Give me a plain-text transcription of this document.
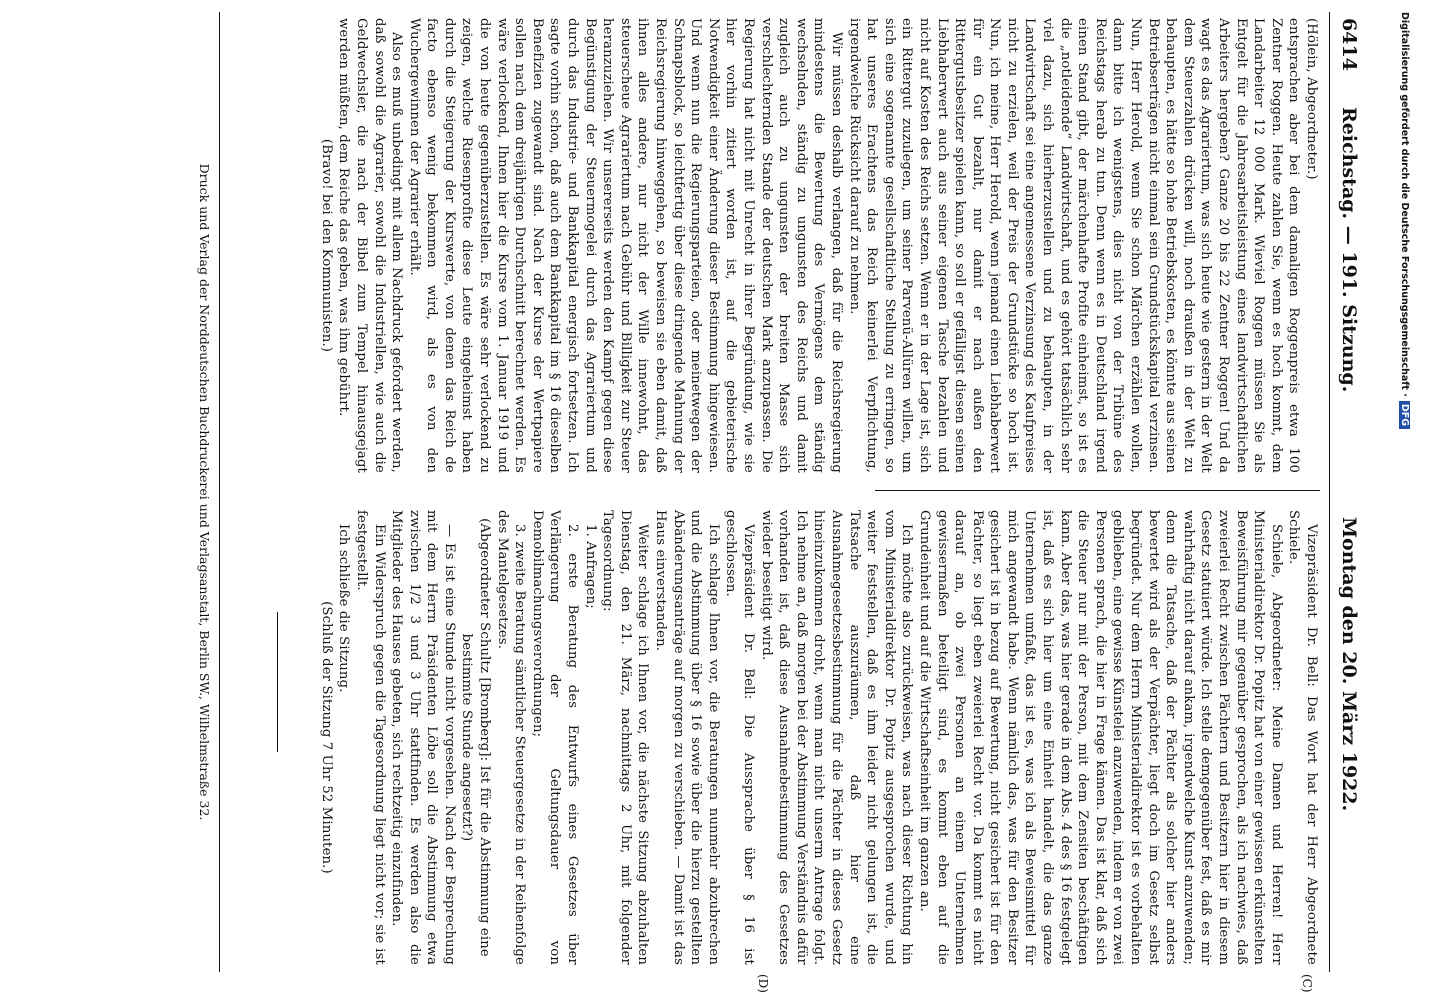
6414
Reichstag. — 191. Sitzung.
Montag den 20. März 1922.
(C)
(D)

(Hölein, Abgeordneter.)

entsprachen aber bei dem damaligen Roggenpreis etwa 100 Zentner Roggen. Heute zahlen Sie, wenn es hoch kommt, dem Landarbeiter 12 000 Mark. Wieviel Roggen müssen Sie als Entgelt für die Jahresarbeitsleistung eines landwirtschaftlichen Arbeiters hergeben? Ganze 20 bis 22 Zentner Roggen! Und da wagt es das Agrariertum, was sich heute wie gestern in der Welt dem Steuerzahlen drücken will, noch draußen in der Welt zu behaupten, es hätte so hohe Betriebskosten, es könnte aus seinen Betriebserträgen nicht einmal sein Grundstückskapital verzinsen. Nun, Herr Herold, wenn Sie schon Märchen erzählen wollen, dann bitte ich wenigstens, dies nicht von der Tribüne des Reichstags herab zu tun. Denn wenn es in Deutschland irgend einen Stand gibt, der märchenhafte Profite einheimst, so ist es die „notleidende“ Landwirtschaft, und es gehört tatsächlich sehr viel dazu, sich hierherzustellen und zu behaupten, in der Landwirtschaft sei eine angemessene Verzinsung des Kaufpreises nicht zu erzielen, weil der Preis der Grundstücke so hoch ist. Nun, ich meine, Herr Herold, wenn jemand einen Liebhaberwert für ein Gut bezahlt, nur damit er nach außen den Rittergutsbesitzer spielen kann, so soll er gefälligst diesen seinen Liebhaberwert auch aus seiner eigenen Tasche bezahlen und nicht auf Kosten des Reichs setzen. Wenn er in der Lage ist, sich ein Rittergut zuzulegen, um seiner Parvenü-Allüren willen, um sich eine sogenannte gesellschaftliche Stellung zu erringen, so hat unseres Erachtens das Reich keinerlei Verpflichtung, irgendwelche Rücksicht darauf zu nehmen.

Wir müssen deshalb verlangen, daß für die Reichsregierung mindestens die Bewertung des Vermögens dem ständig wechselnden, ständig zu ungunsten des Reichs und damit zugleich auch zu ungunsten der breiten Masse sich verschlechternden Stande der deutschen Mark anzupassen. Die Regierung hat nicht mit Unrecht in ihrer Begründung, wie sie hier vorhin zitiert worden ist, auf die gebieterische Notwendigkeit einer Änderung dieser Bestimmung hingewiesen. Und wenn nun die Regierungsparteien, oder meinetwegen der Schnapsblock, so leichtfertig über diese dringende Mahnung der Reichsregierung hinweggehen, so beweisen sie eben damit, daß ihnen alles andere, nur nicht der Wille innewohnt, das steuerscheue Agrariertum nach Gebühr und Billigkeit zur Steuer heranzuziehen. Wir unsererseits werden den Kampf gegen diese Begünstigung der Steuermogelei durch das Agrariertum und durch das Industrie- und Bankkapital energisch fortsetzen. Ich sagte vorhin schon, daß auch dem Bankkapital im § 16 dieselben Benefizien zugewandt sind. Nach der Kurse der Wertpapiere sollen nach dem dreijährigen Durchschnitt berechnet werden. Es wäre verlockend, Ihnen hier die Kurse vom 1. Januar 1919 und die von heute gegenüberzustellen. Es wäre sehr verlockend zu zeigen, welche Riesenprofite diese Leute eingeheimst haben durch die Steigerung der Kurswerte, von denen das Reich de facto ebenso wenig bekommen wird, als es von den Wuchergewinnen der Agrarier erhält.

Also es muß unbedingt mit allem Nachdruck gefordert werden, daß sowohl die Agrarier, sowohl die Industriellen, wie auch die Geldwechsler, die nach der Bibel zum Tempel hinausgejagt werden müßten, dem Reiche das geben, was ihm gebührt.

(Bravo! bei den Kommunisten.)

Vizepräsident Dr. Bell: Das Wort hat der Herr Abgeordnete Schiele.

Schiele, Abgeordneter: Meine Damen und Herren! Herr Ministerialdirektor Dr. Popitz hat von einer gewissen erkünstelten Beweisführung mir gegenüber gesprochen, als ich nachwies, daß zweierlei Recht zwischen Pächtern und Besitzern hier in diesem Gesetz statuiert würde. Ich stelle demgegenüber fest, daß es mir wahrhaftig nicht darauf ankam, irgendwelche Kunst anzuwenden; denn die Tatsache, daß der Pächter als solcher hier anders bewertet wird als der Verpächter, liegt doch im Gesetz selbst begründet. Nur dem Herrn Ministerialdirektor ist es vorbehalten geblieben, eine gewisse Künstelei anzuwenden, indem er von zwei Personen sprach, die hier in Frage kämen. Das ist klar, daß sich die Steuer nur mit der Person, mit dem Zensiten beschäftigen kann. Aber das, was hier gerade in dem Abs. 4 des § 16 festgelegt ist, daß es sich hier um eine Einheit handelt, die das ganze Unternehmen umfaßt, das ist es, was ich als Beweismittel für mich angewandt habe. Wenn nämlich das, was für den Besitzer gesichert ist in bezug auf Bewertung, nicht gesichert ist für den Pächter, so liegt eben zweierlei Recht vor. Da kommt es nicht darauf an, ob zwei Personen an einem Unternehmen gewissermaßen beteiligt sind, es kommt eben auf die Grundeinheit und auf die Wirtschaftseinheit im ganzen an.

Ich möchte also zurückweisen, was nach dieser Richtung hin vom Ministerialdirektor Dr. Popitz ausgesprochen wurde, und weiter feststellen, daß es ihm leider nicht gelungen ist, die Tatsache auszuräumen, daß hier eine Ausnahmegesetzesbestimmung für die Pächter in dieses Gesetz hineinzukommen droht, wenn man nicht unserm Antrage folgt. Ich nehme an, daß morgen bei der Abstimmung Verständnis dafür vorhanden ist, daß diese Ausnahmebestimmung des Gesetzes wieder beseitigt wird.

Vizepräsident Dr. Bell: Die Aussprache über § 16 ist geschlossen.

Ich schlage Ihnen vor, die Beratungen nunmehr abzubrechen und die Abstimmung über § 16 sowie über die hierzu gestellten Abänderungsanträge auf morgen zu verschieben. — Damit ist das Haus einverstanden.

Weiter schlage ich Ihnen vor, die nächste Sitzung abzuhalten Dienstag, den 21. März, nachmittags 2 Uhr, mit folgender Tagesordnung:

1. Anfragen;

2. erste Beratung des Entwurfs eines Gesetzes über Verlängerung der Geltungsdauer von Demobilmachungsverordnungen;

3. zweite Beratung sämtlicher Steuergesetze in der Reihenfolge des Mantelgesetzes.

(Abgeordneter Schultz [Bromberg]: Ist für die Abstimmung eine bestimmte Stunde angesetzt?)

— Es ist eine Stunde nicht vorgesehen. Nach der Besprechung mit dem Herrn Präsidenten Löbe soll die Abstimmung etwa zwischen 1/2 3 und 3 Uhr stattfinden. Es werden also die Mitglieder des Hauses gebeten, sich rechtzeitig einzufinden.

Ein Widerspruch gegen die Tagesordnung liegt nicht vor; sie ist festgestellt.

Ich schließe die Sitzung.

(Schluß der Sitzung 7 Uhr 52 Minuten.)

Druck und Verlag der Norddeutschen Buchdruckerei und Verlagsanstalt, Berlin SW., Wilhelmstraße 32.	Digitalisierung gefördert durch die Deutsche Forschungsgemeinschaft ·DFG
